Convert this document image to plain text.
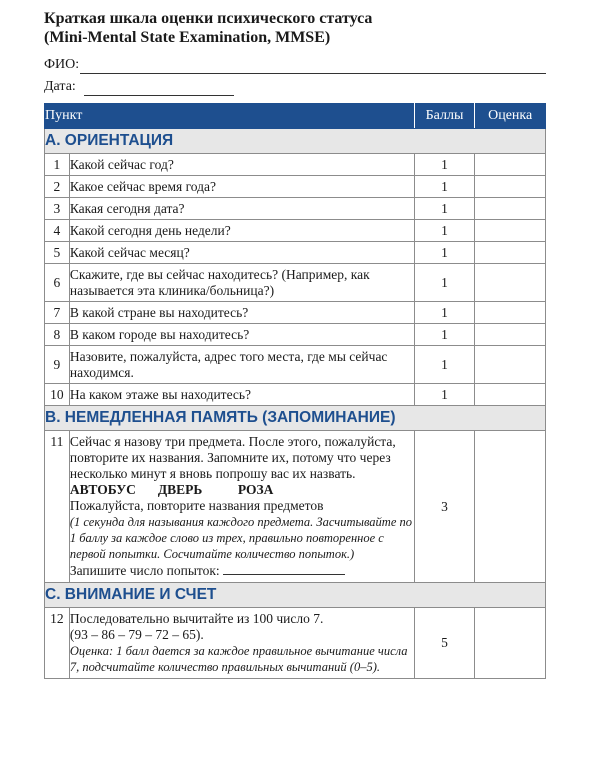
Краткая шкала оценки психического статуса
(Mini-Mental State Examination, MMSE)
ФИО:
Дата:
Пункт		Баллы	Оценка
A. ОРИЕНТАЦИЯ			
1	Какой сейчас год?	1	
2	Какое сейчас время года?	1	
3	Какая сегодня дата?	1	
4	Какой сегодня день недели?	1	
5	Какой сейчас месяц?	1	
6	Скажите, где вы сейчас находитесь? (Например, как называется эта клиника/больница?)	1	
7	В какой стране вы находитесь?	1	
8	В каком городе вы находитесь?	1	
9	Назовите, пожалуйста, адрес того места, где мы сейчас находимся.	1	
10	На каком этаже вы находитесь?	1	
B. НЕМЕДЛЕННАЯ ПАМЯТЬ (ЗАПОМИНАНИЕ)			
11	Сейчас я назову три предмета. После этого, пожалуйста, повторите их названия. Запомните их, потому что через несколько минут я вновь попрошу вас их назвать.
АВТОБУС ДВЕРЬ РОЗА
Пожалуйста, повторите названия предметов
(1 секунда для называния каждого предмета. Засчитывайте по 1 баллу за каждое слово из трех, правильно повторенное с первой попытки. Сосчитайте количество попыток.)
Запишите число попыток:	3	
C. ВНИМАНИЕ И СЧЕТ			
12	Последовательно вычитайте из 100 число 7.
(93 – 86 – 79 – 72 – 65).
Оценка: 1 балл дается за каждое правильное вычитание числа 7, подсчитайте количество правильных вычитаний (0–5).	5	
